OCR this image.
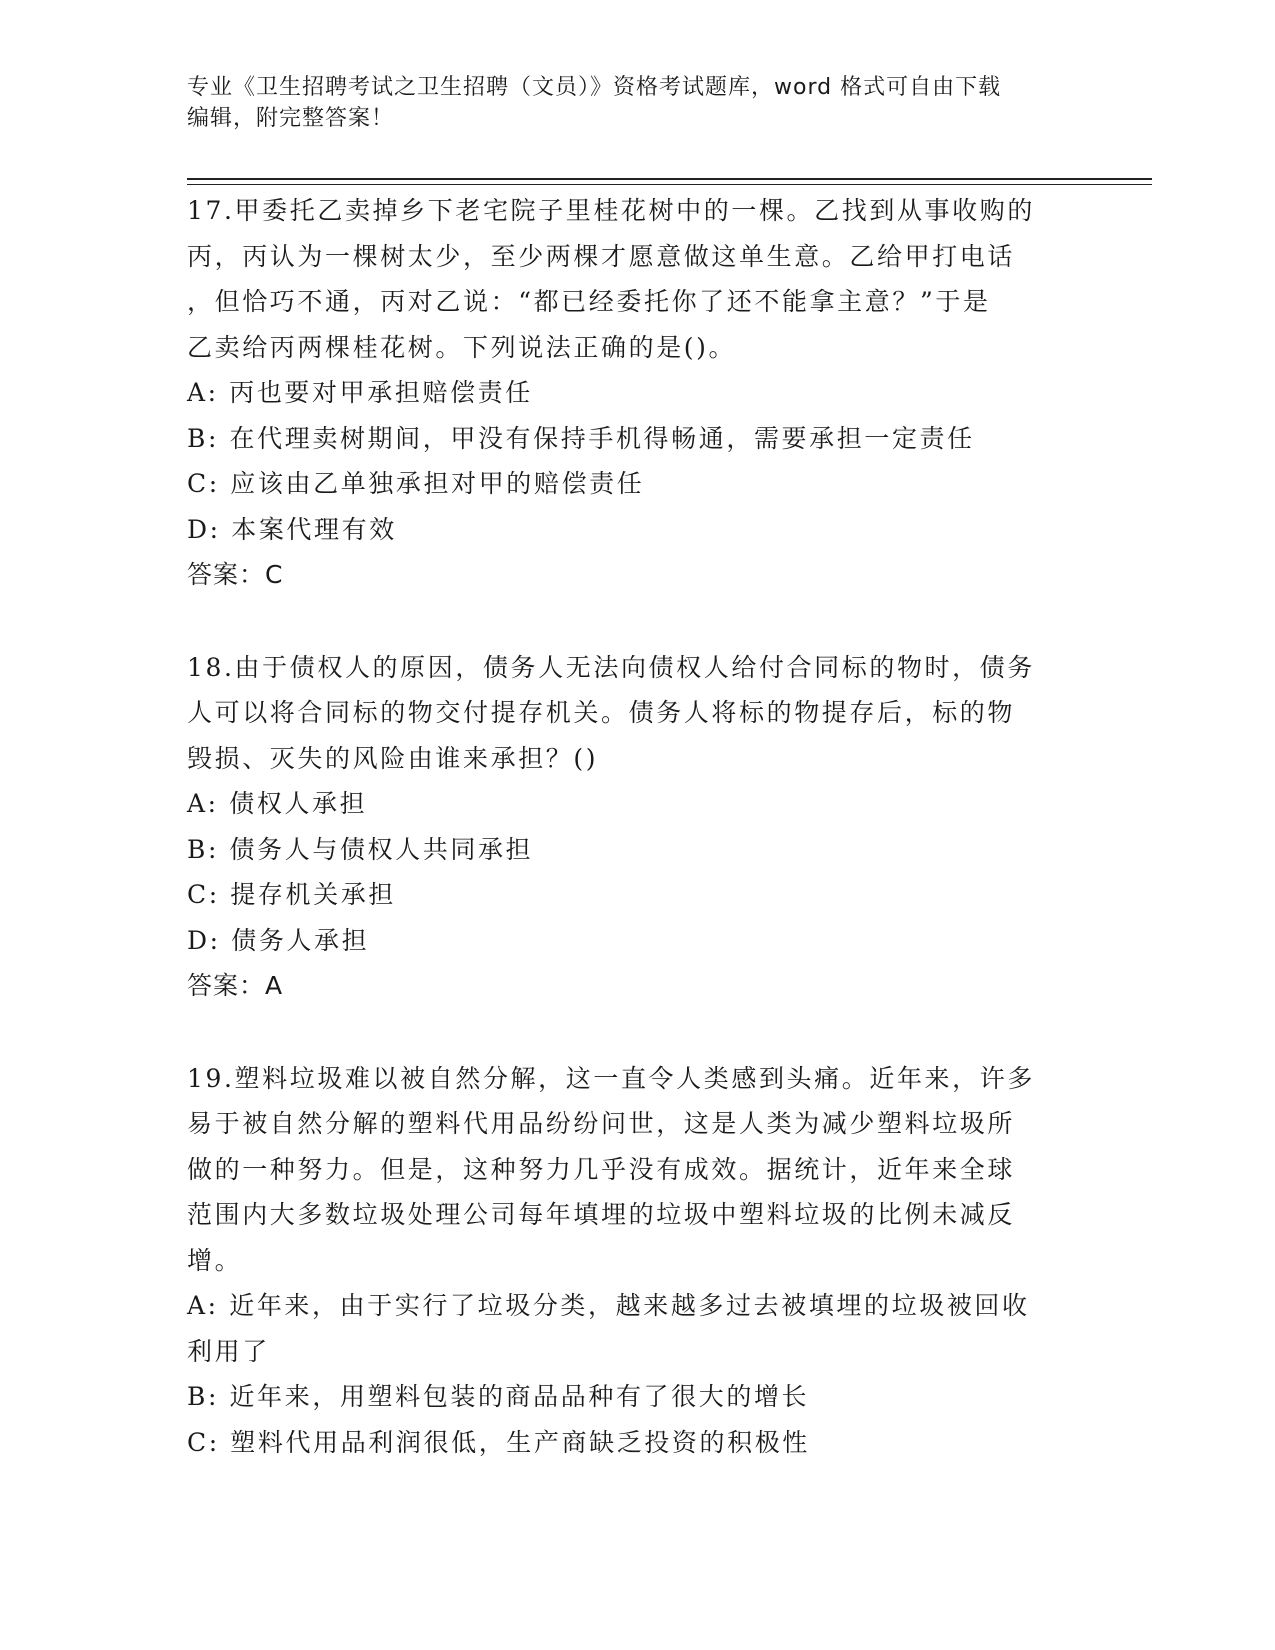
专业《卫生招聘考试之卫生招聘（文员）》资格考试题库，word 格式可自由下载
编辑，附完整答案！

17.甲委托乙卖掉乡下老宅院子里桂花树中的一棵。乙找到从事收购的

丙，丙认为一棵树太少，至少两棵才愿意做这单生意。乙给甲打电话

，但恰巧不通，丙对乙说：“都已经委托你了还不能拿主意？”于是

乙卖给丙两棵桂花树。下列说法正确的是()。

A: 丙也要对甲承担赔偿责任

B: 在代理卖树期间，甲没有保持手机得畅通，需要承担一定责任

C: 应该由乙单独承担对甲的赔偿责任

D: 本案代理有效

答案：C

18.由于债权人的原因，债务人无法向债权人给付合同标的物时，债务

人可以将合同标的物交付提存机关。债务人将标的物提存后，标的物

毁损、灭失的风险由谁来承担？()

A: 债权人承担

B: 债务人与债权人共同承担

C: 提存机关承担

D: 债务人承担

答案：A

19.塑料垃圾难以被自然分解，这一直令人类感到头痛。近年来，许多

易于被自然分解的塑料代用品纷纷问世，这是人类为减少塑料垃圾所

做的一种努力。但是，这种努力几乎没有成效。据统计，近年来全球

范围内大多数垃圾处理公司每年填埋的垃圾中塑料垃圾的比例未减反

增。

A: 近年来，由于实行了垃圾分类，越来越多过去被填埋的垃圾被回收

利用了

B: 近年来，用塑料包装的商品品种有了很大的增长

C: 塑料代用品利润很低，生产商缺乏投资的积极性
